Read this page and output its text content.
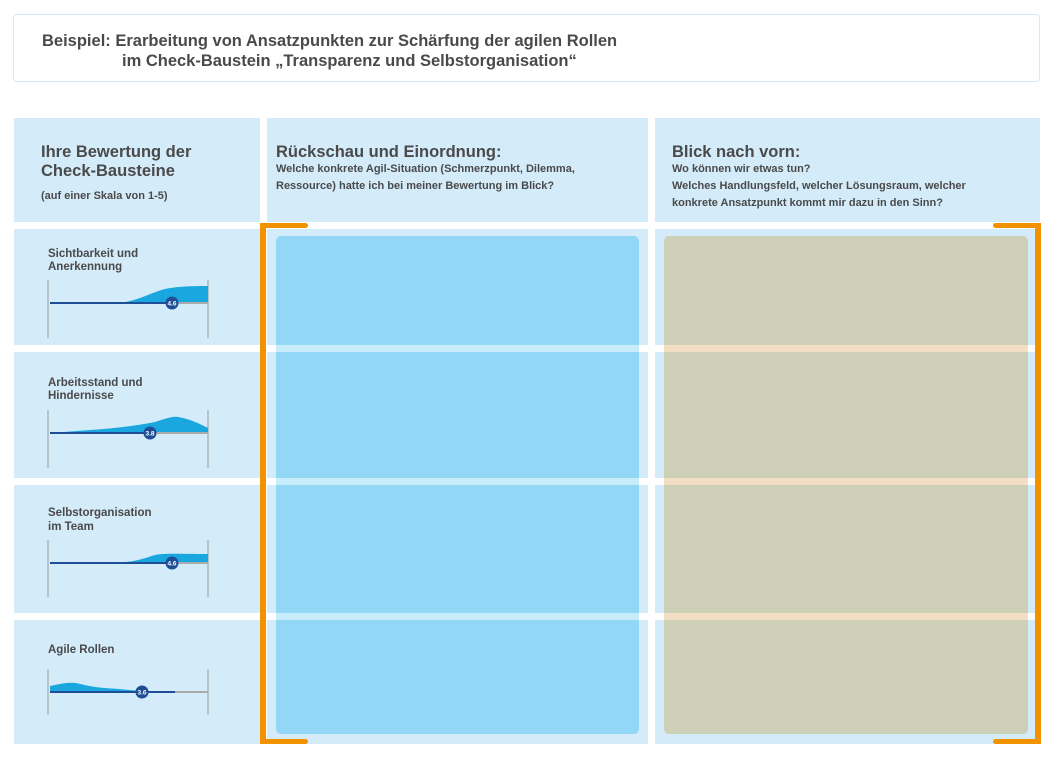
Beispiel: Erarbeitung von Ansatzpunkten zur Schärfung der agilen Rollen
im Check-Baustein „Transparenz und Selbstorganisation“
Ihre Bewertung der
Check-Bausteine
(auf einer Skala von 1-5)
Rückschau und Einordnung:
Welche konkrete Agil-Situation (Schmerzpunkt, Dilemma,
Ressource) hatte ich bei meiner Bewertung im Blick?
Blick nach vorn:
Wo können wir etwas tun?
Welches Handlungsfeld, welcher Lösungsraum, welcher
konkrete Ansatzpunkt kommt mir dazu in den Sinn?
Sichtbarkeit und
Anerkennung
Arbeitsstand und
Hindernisse
Selbstorganisation
im Team
Agile Rollen
4.6
3.8
4.6
3.6
